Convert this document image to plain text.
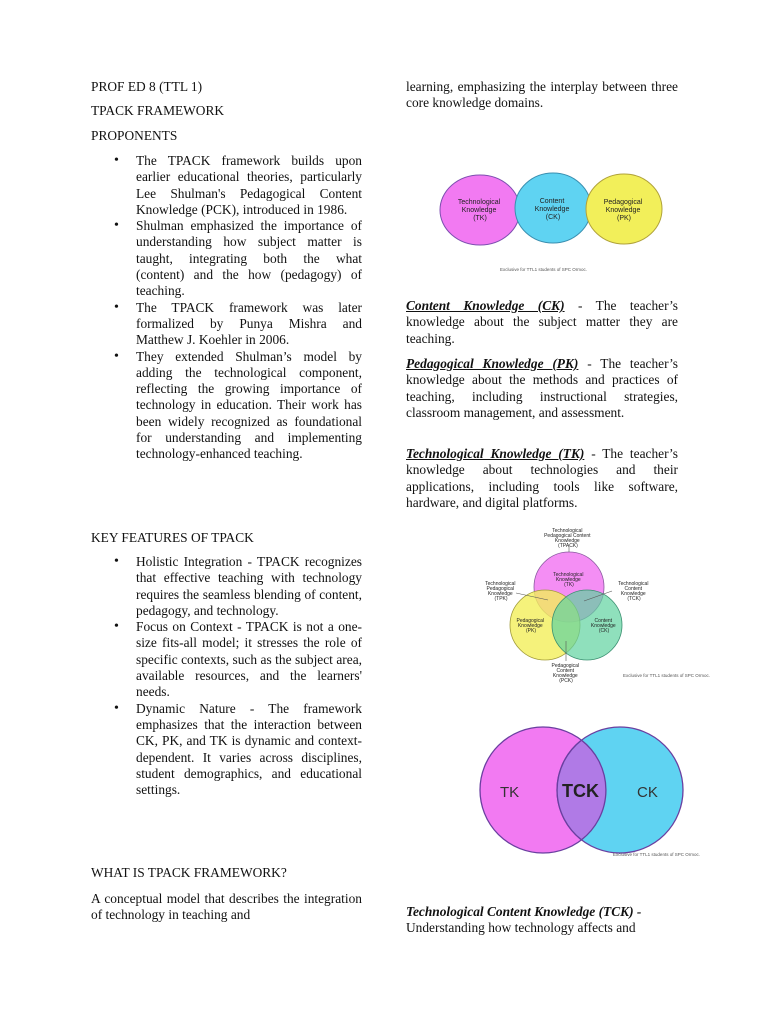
PROF ED 8 (TTL 1)

TPACK FRAMEWORK

PROPONENTS

• The TPACK framework builds upon earlier educational theories, particularly Lee Shulman's Pedagogical Content Knowledge (PCK), introduced in 1986.
• Shulman emphasized the importance of understanding how subject matter is taught, integrating both the what (content) and the how (pedagogy) of teaching.
• The TPACK framework was later formalized by Punya Mishra and Matthew J. Koehler in 2006.
• They extended Shulman’s model by adding the technological component, reflecting the growing importance of technology in education. Their work has been widely recognized as foundational for understanding and implementing technology-enhanced teaching.

KEY FEATURES OF TPACK

• Holistic Integration - TPACK recognizes that effective teaching with technology requires the seamless blending of content, pedagogy, and technology.
• Focus on Context - TPACK is not a one-size fits-all model; it stresses the role of specific contexts, such as the subject area, available resources, and the learners' needs.
• Dynamic Nature - The framework emphasizes that the interaction between CK, PK, and TK is dynamic and context-dependent. It varies across disciplines, student demographics, and educational settings.

WHAT IS TPACK FRAMEWORK?

A conceptual model that describes the integration of technology in teaching and

learning, emphasizing the interplay between three core knowledge domains.

Technological Knowledge (TK)
Content Knowledge (CK)
Pedagogical Knowledge (PK)
Exclusive for TTL1 students of SPC Ormoc.

Content Knowledge (CK) - The teacher’s knowledge about the subject matter they are teaching.

Pedagogical Knowledge (PK) - The teacher’s knowledge about the methods and practices of teaching, including instructional strategies, classroom management, and assessment.

Technological Knowledge (TK) - The teacher’s knowledge about technologies and their applications, including tools like software, hardware, and digital platforms.

Technological Pedagogical Content Knowledge (TPACK)
Technological Pedagogical Knowledge (TPK)
Technological Content Knowledge (TCK)
Technological Knowledge (TK)
Pedagogical Knowledge (PK)
Content Knowledge (CK)
Pedagogical Content Knowledge (PCK)
Exclusive for TTL1 students of SPC Ormoc.
TK TCK	CK
Exclusive for TTL1 students of SPC Ormoc.

Technological Content Knowledge (TCK) -

Understanding how technology affects and
